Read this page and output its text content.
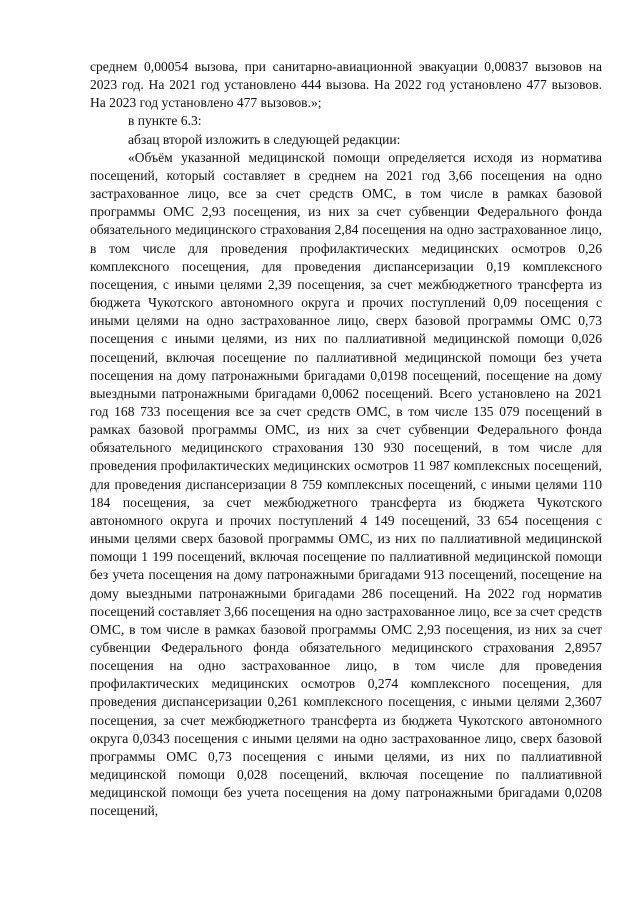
среднем 0,00054 вызова, при санитарно-авиационной эвакуации 0,00837 вызовов на 2023 год. На 2021 год установлено 444 вызова. На 2022 год установлено 477 вызовов. На 2023 год установлено 477 вызовов.»;

в пункте 6.3:

абзац второй изложить в следующей редакции:

«Объём указанной медицинской помощи определяется исходя из норматива посещений, который составляет в среднем на 2021 год 3,66 посещения на одно застрахованное лицо, все за счет средств ОМС, в том числе в рамках базовой программы ОМС 2,93 посещения, из них за счет субвенции Федерального фонда обязательного медицинского страхования 2,84 посещения на одно застрахованное лицо, в том числе для проведения профилактических медицинских осмотров 0,26 комплексного посещения, для проведения диспансеризации 0,19 комплексного посещения, с иными целями 2,39 посещения, за счет межбюджетного трансферта из бюджета Чукотского автономного округа и прочих поступлений 0,09 посещения с иными целями на одно застрахованное лицо, сверх базовой программы ОМС 0,73 посещения с иными целями, из них по паллиативной медицинской помощи 0,026 посещений, включая посещение по паллиативной медицинской помощи без учета посещения на дому патронажными бригадами 0,0198 посещений, посещение на дому выездными патронажными бригадами 0,0062 посещений. Всего установлено на 2021 год 168 733 посещения все за счет средств ОМС, в том числе 135 079 посещений в рамках базовой программы ОМС, из них за счет субвенции Федерального фонда обязательного медицинского страхования 130 930 посещений, в том числе для проведения профилактических медицинских осмотров 11 987 комплексных посещений, для проведения диспансеризации 8 759 комплексных посещений, с иными целями 110 184 посещения, за счет межбюджетного трансферта из бюджета Чукотского автономного округа и прочих поступлений 4 149 посещений, 33 654 посещения с иными целями сверх базовой программы ОМС, из них по паллиативной медицинской помощи 1 199 посещений, включая посещение по паллиативной медицинской помощи без учета посещения на дому патронажными бригадами 913 посещений, посещение на дому выездными патронажными бригадами 286 посещений. На 2022 год норматив посещений составляет 3,66 посещения на одно застрахованное лицо, все за счет средств ОМС, в том числе в рамках базовой программы ОМС 2,93 посещения, из них за счет субвенции Федерального фонда обязательного медицинского страхования 2,8957 посещения на одно застрахованное лицо, в том числе для проведения профилактических медицинских осмотров 0,274 комплексного посещения, для проведения диспансеризации 0,261 комплексного посещения, с иными целями 2,3607 посещения, за счет межбюджетного трансферта из бюджета Чукотского автономного округа 0,0343 посещения с иными целями на одно застрахованное лицо, сверх базовой программы ОМС 0,73 посещения с иными целями, из них по паллиативной медицинской помощи 0,028 посещений, включая посещение по паллиативной медицинской помощи без учета посещения на дому патронажными бригадами 0,0208 посещений,
